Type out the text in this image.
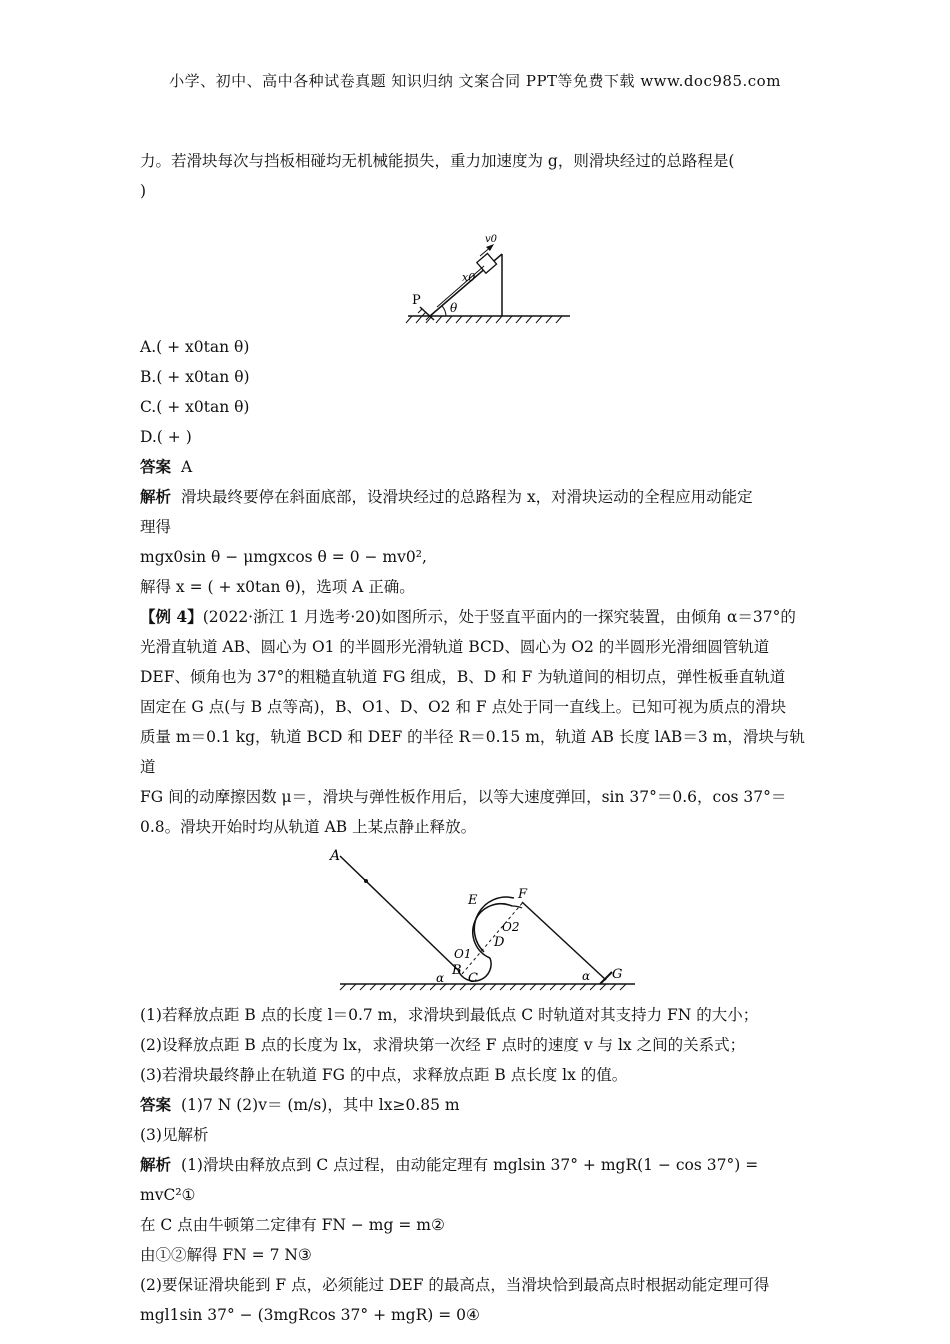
小学、初中、高中各种试卷真题 知识归纳 文案合同 PPT等免费下载 www.doc985.com

力。若滑块每次与挡板相碰均无机械能损失，重力加速度为 g，则滑块经过的总路程是(

)

P θ
x0
v0

A.( + x0tan θ)

B.( + x0tan θ)

C.( + x0tan θ)

D.( + )

答案 A

解析 滑块最终要停在斜面底部，设滑块经过的总路程为 x，对滑块运动的全程应用动能定

理得

mgx0sin θ − μmgxcos θ = 0 − mv0²,

解得 x = ( + x0tan θ)，选项 A 正确。

【例 4】(2022·浙江 1 月选考·20)如图所示，处于竖直平面内的一探究装置，由倾角 α＝37°的

光滑直轨道 AB、圆心为 O1 的半圆形光滑轨道 BCD、圆心为 O2 的半圆形光滑细圆管轨道

DEF、倾角也为 37°的粗糙直轨道 FG 组成，B、D 和 F 为轨道间的相切点，弹性板垂直轨道

固定在 G 点(与 B 点等高)，B、O1、D、O2 和 F 点处于同一直线上。已知可视为质点的滑块

质量 m＝0.1 kg，轨道 BCD 和 DEF 的半径 R＝0.15 m，轨道 AB 长度 lAB＝3 m，滑块与轨道

FG 间的动摩擦因数 μ＝，滑块与弹性板作用后，以等大速度弹回，sin 37°＝0.6，cos 37°＝

0.8。滑块开始时均从轨道 AB 上某点静止释放。

A
E	F
O2
D
O1
B
C
α	α G

(1)若释放点距 B 点的长度 l＝0.7 m，求滑块到最低点 C 时轨道对其支持力 FN 的大小；

(2)设释放点距 B 点的长度为 lx，求滑块第一次经 F 点时的速度 v 与 lx 之间的关系式；

(3)若滑块最终静止在轨道 FG 的中点，求释放点距 B 点长度 lx 的值。

答案 (1)7 N (2)v＝ (m/s)，其中 lx≥0.85 m

(3)见解析

解析 (1)滑块由释放点到 C 点过程，由动能定理有 mglsin 37° + mgR(1 − cos 37°) = mvC²①

在 C 点由牛顿第二定律有 FN − mg = m②

由①②解得 FN = 7 N③

(2)要保证滑块能到 F 点，必须能过 DEF 的最高点，当滑块恰到最高点时根据动能定理可得

mgl1sin 37° − (3mgRcos 37° + mgR) = 0④
